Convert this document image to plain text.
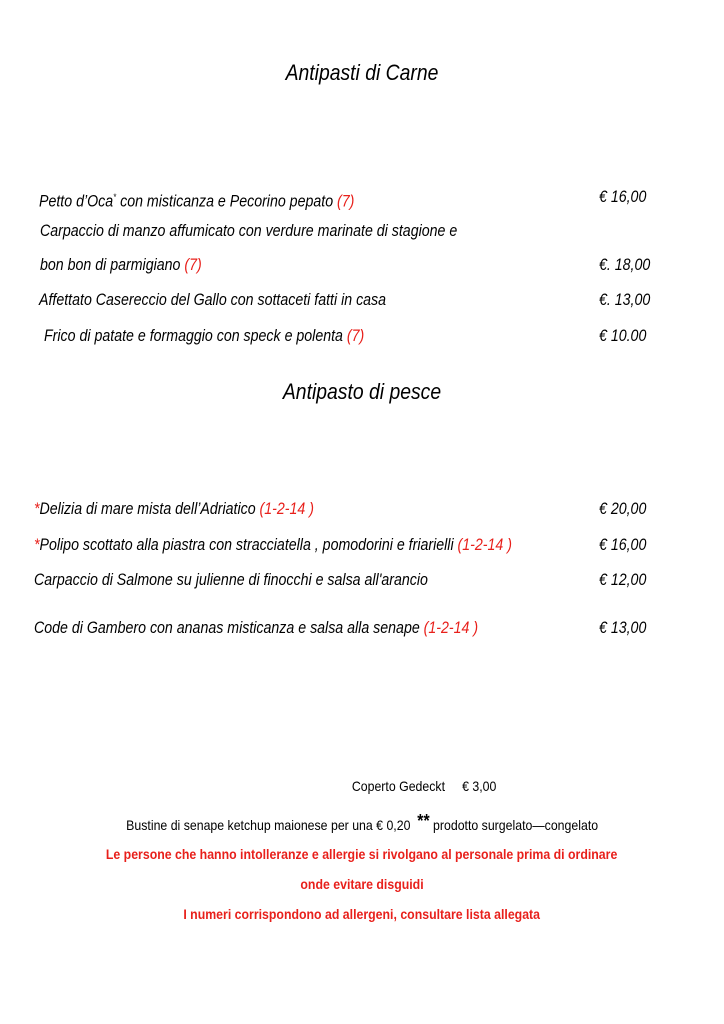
Antipasti di Carne
Petto d’Oca* con misticanza e Pecorino pepato (7)	€ 16,00
Carpaccio di manzo affumicato con verdure marinate di stagione e
bon bon di parmigiano (7)	€. 18,00
Affettato Casereccio del Gallo con sottaceti fatti in casa	€. 13,00
Frico di patate e formaggio con speck e polenta (7)	€ 10.00
Antipasto di pesce
*Delizia di mare mista dell’Adriatico (1-2-14 )	€ 20,00
*Polipo scottato alla piastra con stracciatella , pomodorini e friarielli (1-2-14 )	€ 16,00
Carpaccio di Salmone su julienne di finocchi e salsa all'arancio	€ 12,00
Code di Gambero con ananas misticanza e salsa alla senape (1-2-14 )	€ 13,00
Coperto Gedeckt € 3,00
Bustine di senape ketchup maionese per una € 0,20 ** prodotto surgelato—congelato
Le persone che hanno intolleranze e allergie si rivolgano al personale prima di ordinare
onde evitare disguidi
I numeri corrispondono ad allergeni, consultare lista allegata
